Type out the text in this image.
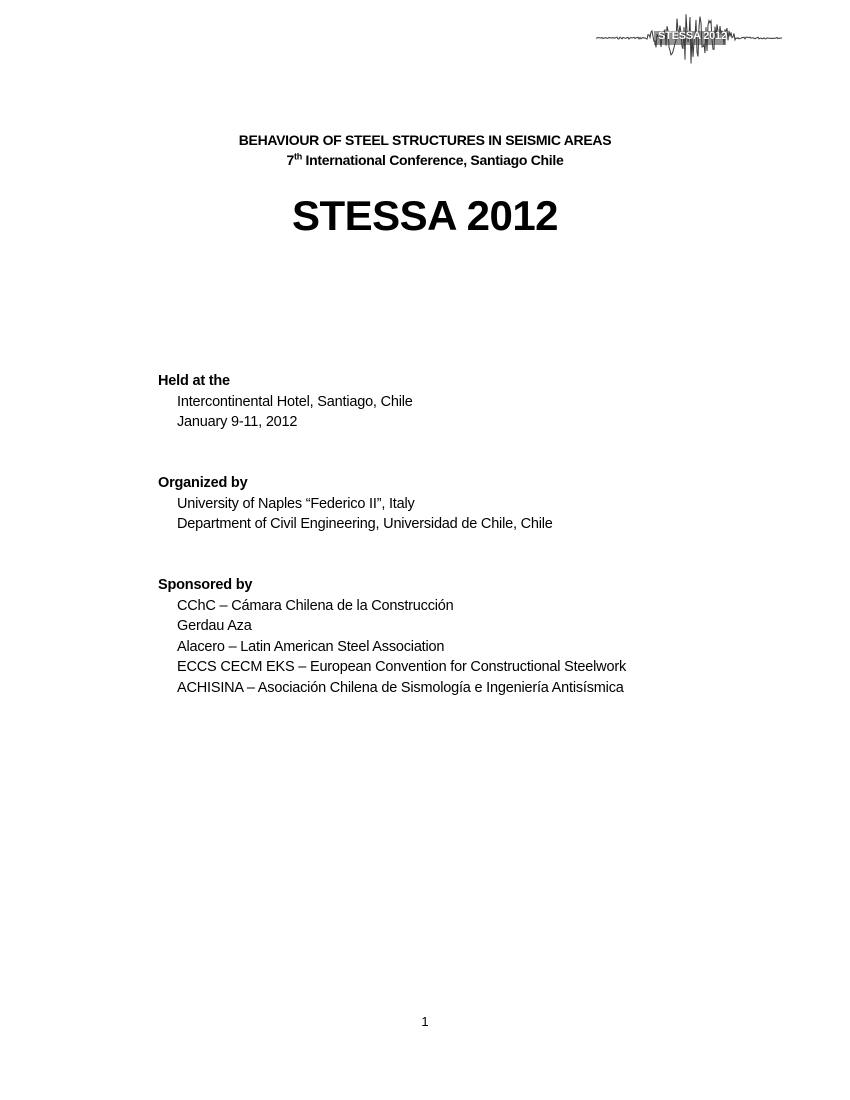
STESSA 2012
BEHAVIOUR OF STEEL STRUCTURES IN SEISMIC AREAS
7th International Conference, Santiago Chile
STESSA 2012
Held at the
Intercontinental Hotel, Santiago, Chile
January 9-11, 2012
Organized by
University of Naples “Federico II”, Italy
Department of Civil Engineering, Universidad de Chile, Chile
Sponsored by
CChC – Cámara Chilena de la Construcción
Gerdau Aza
Alacero – Latin American Steel Association
ECCS CECM EKS – European Convention for Constructional Steelwork
ACHISINA – Asociación Chilena de Sismología e Ingeniería Antisísmica
1
